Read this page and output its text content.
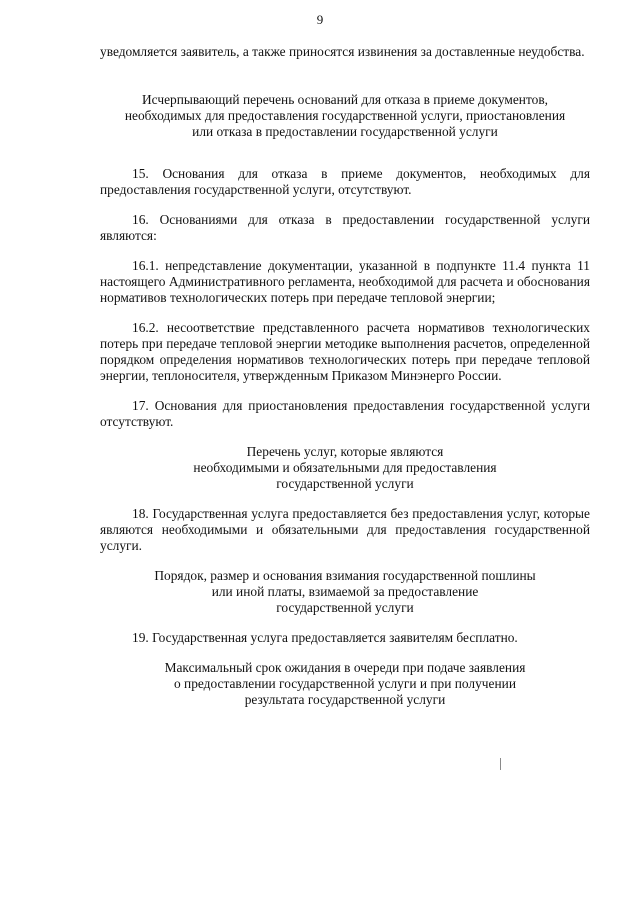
9

уведомляется заявитель, а также приносятся извинения за доставленные неудобства.

Исчерпывающий перечень оснований для отказа в приеме документов,
необходимых для предоставления государственной услуги, приостановления
или отказа в предоставлении государственной услуги

15. Основания для отказа в приеме документов, необходимых для предоставления государственной услуги, отсутствуют.

16. Основаниями для отказа в предоставлении государственной услуги являются:

16.1. непредставление документации, указанной в подпункте 11.4 пункта 11 настоящего Административного регламента, необходимой для расчета и обоснования нормативов технологических потерь при передаче тепловой энергии;

16.2. несоответствие представленного расчета нормативов технологических потерь при передаче тепловой энергии методике выполнения расчетов, определенной порядком определения нормативов технологических потерь при передаче тепловой энергии, теплоносителя, утвержденным Приказом Минэнерго России.

17. Основания для приостановления предоставления государственной услуги отсутствуют.

Перечень услуг, которые являются
необходимыми и обязательными для предоставления
государственной услуги

18. Государственная услуга предоставляется без предоставления услуг, которые являются необходимыми и обязательными для предоставления государственной услуги.

Порядок, размер и основания взимания государственной пошлины
или иной платы, взимаемой за предоставление
государственной услуги

19. Государственная услуга предоставляется заявителям бесплатно.

Максимальный срок ожидания в очереди при подаче заявления
о предоставлении государственной услуги и при получении
результата государственной услуги
